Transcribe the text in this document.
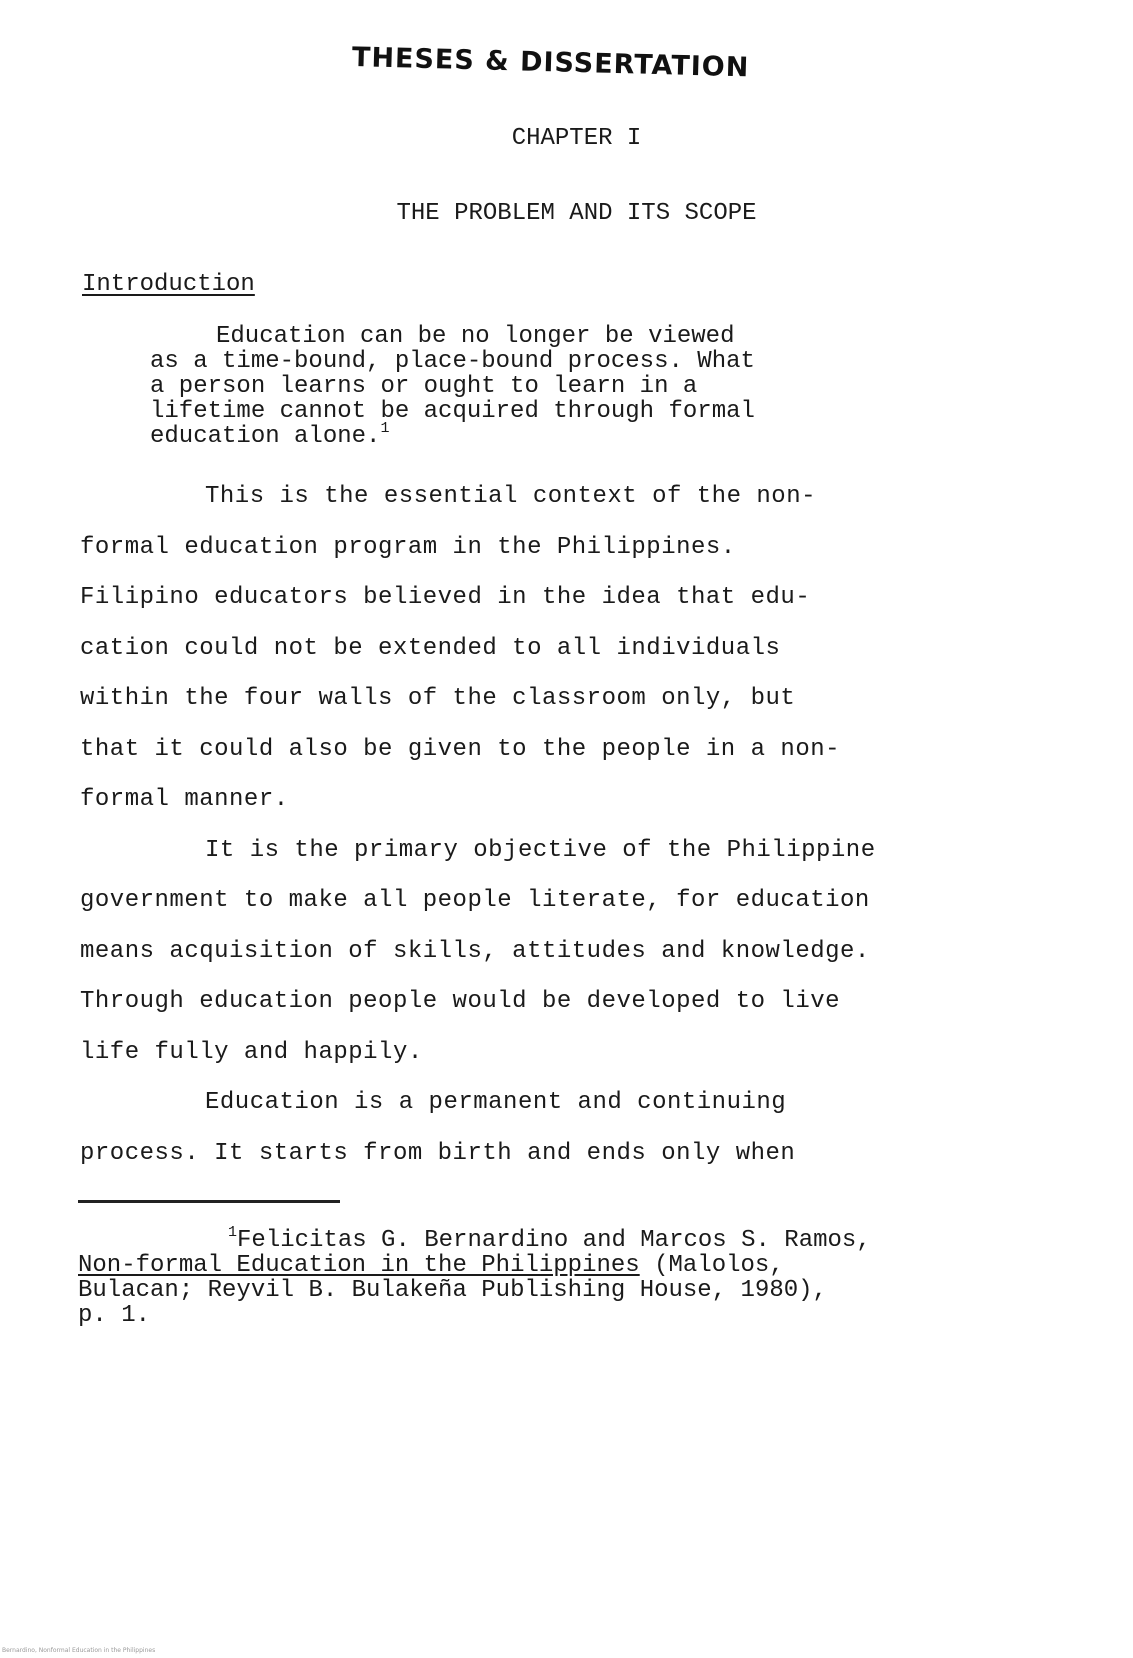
THESES & DISSERTATION
CHAPTER I
THE PROBLEM AND ITS SCOPE
Introduction
Education can be no longer be viewed
as a time-bound, place-bound process. What
a person learns or ought to learn in a
lifetime cannot be acquired through formal
education alone.$^1$
This is the essential context of the non-
formal education program in the Philippines.
Filipino educators believed in the idea that edu-
cation could not be extended to all individuals
within the four walls of the classroom only, but
that it could also be given to the people in a non-
formal manner.
It is the primary objective of the Philippine
government to make all people literate, for education
means acquisition of skills, attitudes and knowledge.
Through education people would be developed to live
life fully and happily.
Education is a permanent and continuing
process. It starts from birth and ends only when
$^1$Felicitas G. Bernardino and Marcos S. Ramos,
Non-formal Education in the Philippines (Malolos,
Bulacan; Reyvil B. Bulakeña Publishing House, 1980),
p. 1.
Bernardino, Nonformal Education in the Philippines
